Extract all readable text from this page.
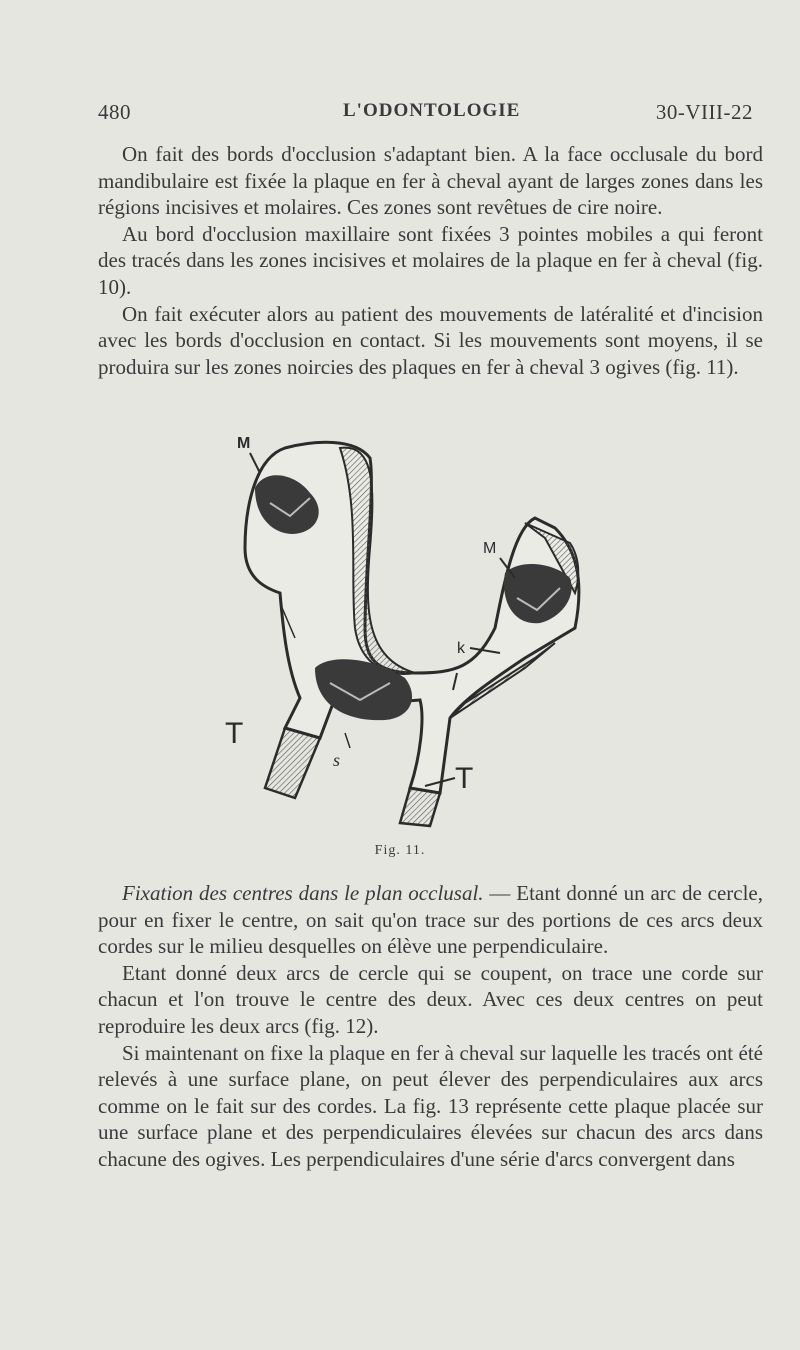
480	L'ODONTOLOGIE	30-VIII-22

On fait des bords d'occlusion s'adaptant bien. A la face occlusale du bord mandibulaire est fixée la plaque en fer à cheval ayant de larges zones dans les régions incisives et molaires. Ces zones sont revêtues de cire noire.

Au bord d'occlusion maxillaire sont fixées 3 pointes mobiles a qui feront des tracés dans les zones incisives et molaires de la plaque en fer à cheval (fig. 10).

On fait exécuter alors au patient des mouvements de latéralité et d'incision avec les bords d'occlusion en contact. Si les mouvements sont moyens, il se produira sur les zones noircies des plaques en fer à cheval 3 ogives (fig. 11).

M
M
k
T
T
s
Fig. 11.

Fixation des centres dans le plan occlusal. — Etant donné un arc de cercle, pour en fixer le centre, on sait qu'on trace sur des portions de ces arcs deux cordes sur le milieu desquelles on élève une perpendiculaire.

Etant donné deux arcs de cercle qui se coupent, on trace une corde sur chacun et l'on trouve le centre des deux. Avec ces deux centres on peut reproduire les deux arcs (fig. 12).

Si maintenant on fixe la plaque en fer à cheval sur laquelle les tracés ont été relevés à une surface plane, on peut élever des perpendiculaires aux arcs comme on le fait sur des cordes. La fig. 13 représente cette plaque placée sur une surface plane et des perpendiculaires élevées sur chacun des arcs dans chacune des ogives. Les perpendiculaires d'une série d'arcs convergent dans
